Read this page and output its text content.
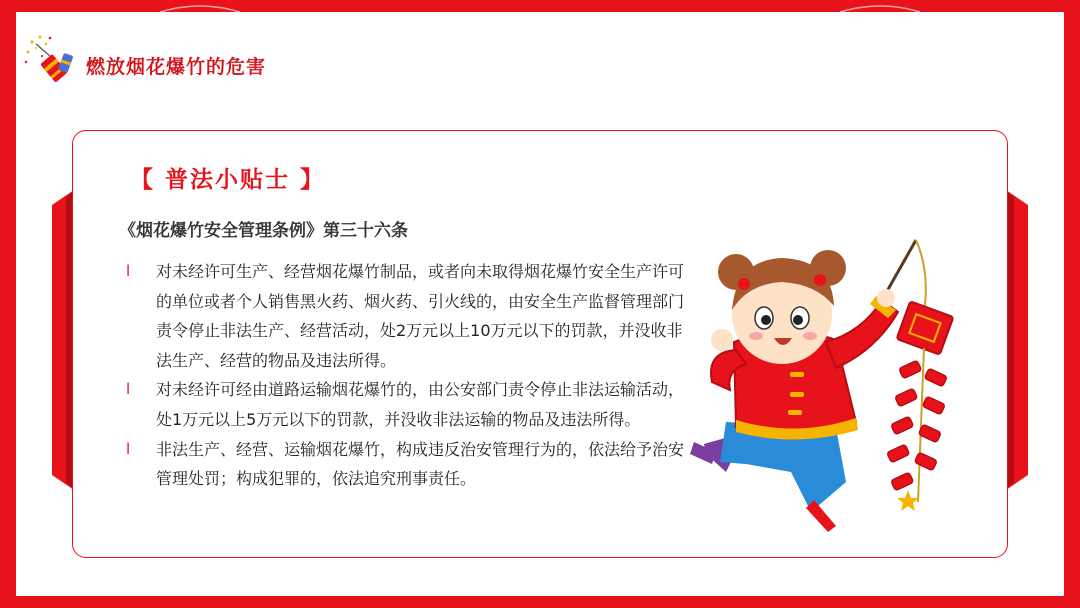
燃放烟花爆竹的危害
【 普法小贴士 】
《烟花爆竹安全管理条例》第三十六条
l 对未经许可生产、经营烟花爆竹制品，或者向未取得烟花爆竹安全生产许可的单位或者个人销售黑火药、烟火药、引火线的，由安全生产监督管理部门责令停止非法生产、经营活动，处2万元以上10万元以下的罚款，并没收非法生产、经营的物品及违法所得。
l 对未经许可经由道路运输烟花爆竹的，由公安部门责令停止非法运输活动，处1万元以上5万元以下的罚款，并没收非法运输的物品及违法所得。
l 非法生产、经营、运输烟花爆竹，构成违反治安管理行为的，依法给予治安管理处罚；构成犯罪的，依法追究刑事责任。
